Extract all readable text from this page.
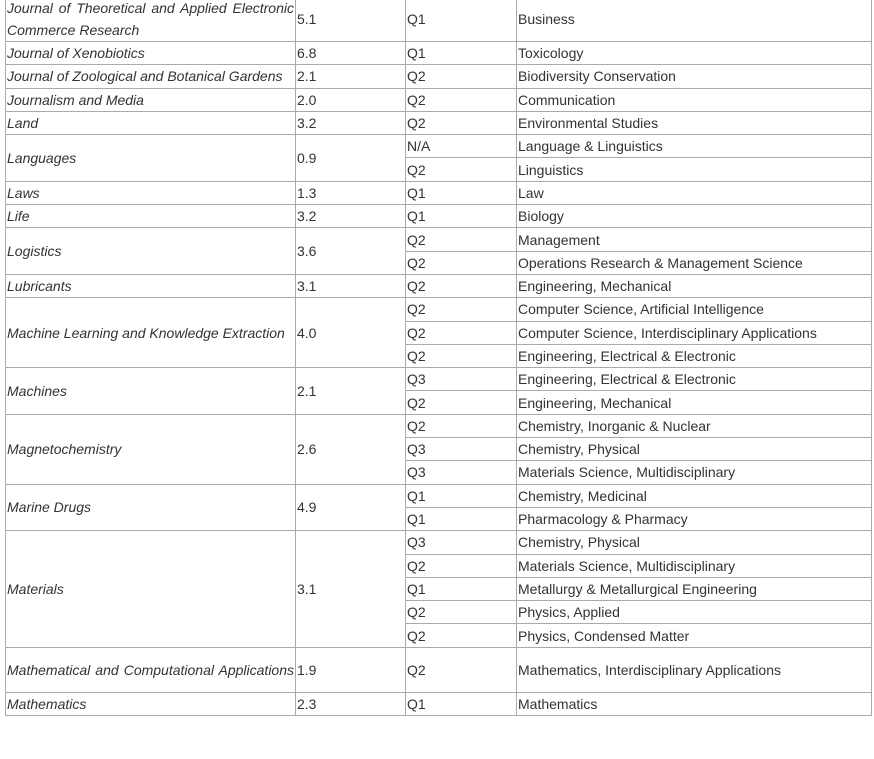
Journal of Theoretical and Applied Electronic Commerce Research	5.1	Q1	Business
Journal of Xenobiotics	6.8	Q1	Toxicology
Journal of Zoological and Botanical Gardens	2.1	Q2	Biodiversity Conservation
Journalism and Media	2.0	Q2	Communication
Land	3.2	Q2	Environmental Studies
Languages	0.9	N/A	Language & Linguistics
		Q2	Linguistics
Laws	1.3	Q1	Law
Life	3.2	Q1	Biology
Logistics	3.6	Q2	Management
		Q2	Operations Research & Management Science
Lubricants	3.1	Q2	Engineering, Mechanical
Machine Learning and Knowledge Extraction	4.0	Q2	Computer Science, Artificial Intelligence
		Q2	Computer Science, Interdisciplinary Applications
		Q2	Engineering, Electrical & Electronic
Machines	2.1	Q3	Engineering, Electrical & Electronic
		Q2	Engineering, Mechanical
Magnetochemistry	2.6	Q2	Chemistry, Inorganic & Nuclear
		Q3	Chemistry, Physical
		Q3	Materials Science, Multidisciplinary
Marine Drugs	4.9	Q1	Chemistry, Medicinal
		Q1	Pharmacology & Pharmacy
Materials	3.1	Q3	Chemistry, Physical
		Q2	Materials Science, Multidisciplinary
		Q1	Metallurgy & Metallurgical Engineering
		Q2	Physics, Applied
		Q2	Physics, Condensed Matter
Mathematical and Computational Applications	1.9	Q2	Mathematics, Interdisciplinary Applications
Mathematics	2.3	Q1	Mathematics
